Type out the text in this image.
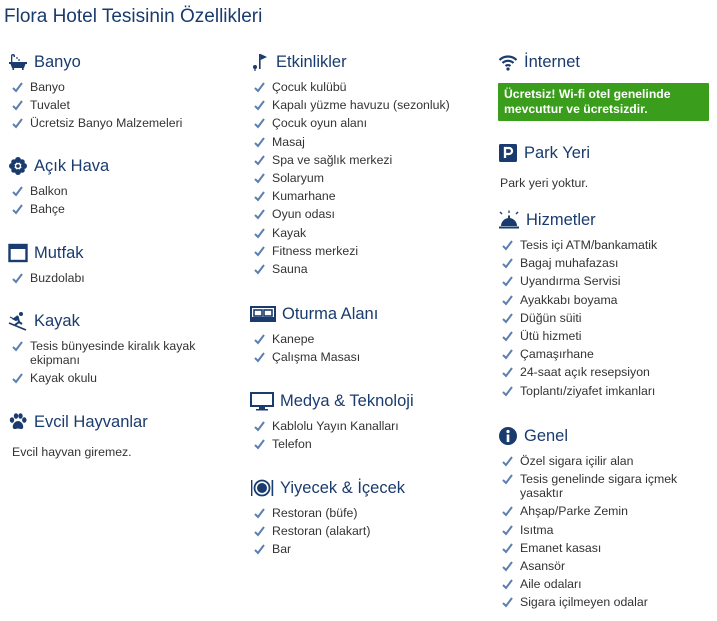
Flora Hotel Tesisinin Özellikleri
Banyo
Banyo
Tuvalet
Ücretsiz Banyo Malzemeleri
Açık Hava
Balkon
Bahçe
Mutfak
Buzdolabı
Kayak
Tesis bünyesinde kiralık kayak ekipmanı
Kayak okulu
Evcil Hayvanlar
Evcil hayvan giremez.
Etkinlikler
Çocuk kulübü
Kapalı yüzme havuzu (sezonluk)
Çocuk oyun alanı
Masaj
Spa ve sağlık merkezi
Solaryum
Kumarhane
Oyun odası
Kayak
Fitness merkezi
Sauna
Oturma Alanı
Kanepe
Çalışma Masası
Medya & Teknoloji
Kablolu Yayın Kanalları
Telefon
Yiyecek & İçecek
Restoran (büfe)
Restoran (alakart)
Bar
İnternet
Ücretsiz! Wi-fi otel genelinde mevcuttur ve ücretsizdir.
Park Yeri
Park yeri yoktur.
Hizmetler
Tesis içi ATM/bankamatik
Bagaj muhafazası
Uyandırma Servisi
Ayakkabı boyama
Düğün süiti
Ütü hizmeti
Çamaşırhane
24-saat açık resepsiyon
Toplantı/ziyafet imkanları
Genel
Özel sigara içilir alan
Tesis genelinde sigara içmek yasaktır
Ahşap/Parke Zemin
Isıtma
Emanet kasası
Asansör
Aile odaları
Sigara içilmeyen odalar
